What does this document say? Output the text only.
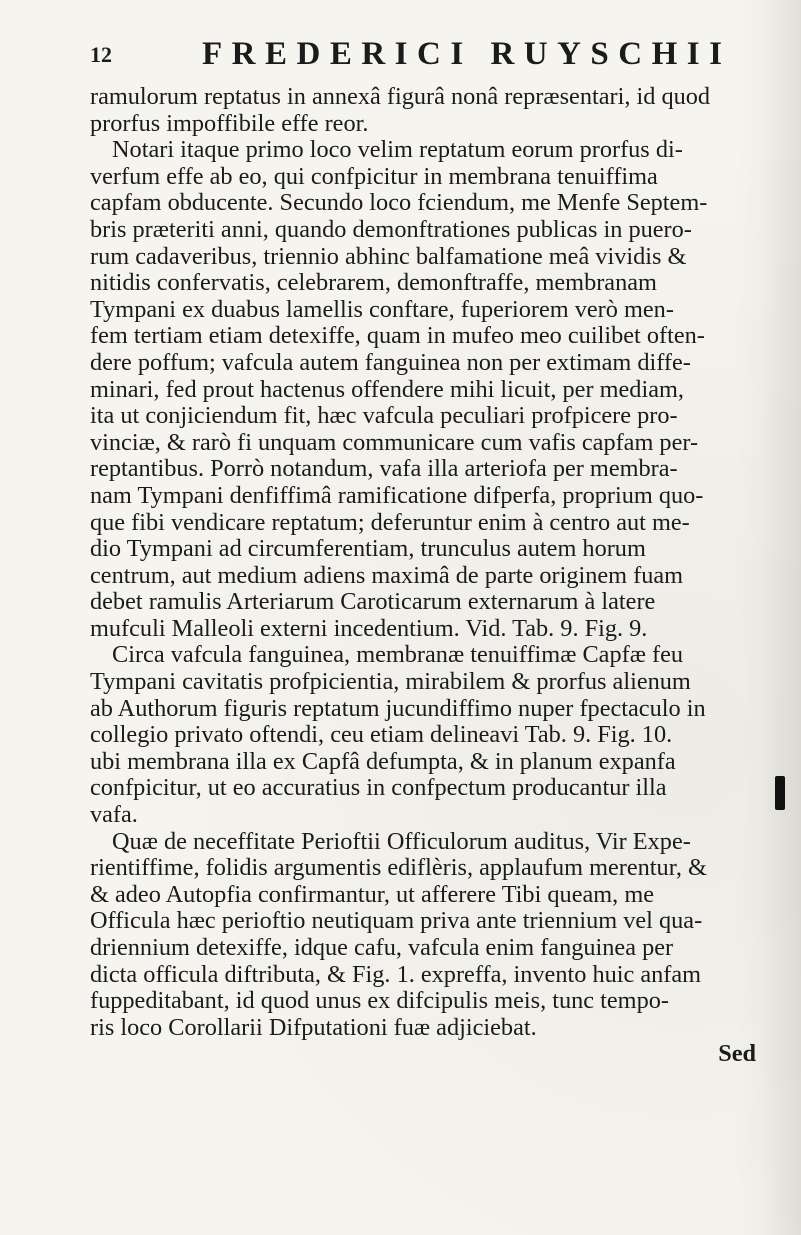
12	FREDERICI RUYSCHII
ramulorum reptatus in annexâ figurâ nonâ repræsentari, id quod
prorfus impoffibile effe reor.
Notari itaque primo loco velim reptatum eorum prorfus di-
verfum effe ab eo, qui confpicitur in membrana tenuiffima
capfam obducente. Secundo loco fciendum, me Menfe Septem-
bris præteriti anni, quando demonftrationes publicas in puero-
rum cadaveribus, triennio abhinc balfamatione meâ vividis &
nitidis confervatis, celebrarem, demonftraffe, membranam
Tympani ex duabus lamellis conftare, fuperiorem verò men-
fem tertiam etiam detexiffe, quam in mufeo meo cuilibet often-
dere poffum; vafcula autem fanguinea non per extimam diffe-
minari, fed prout hactenus offendere mihi licuit, per mediam,
ita ut conjiciendum fit, hæc vafcula peculiari profpicere pro-
vinciæ, & rarò fi unquam communicare cum vafis capfam per-
reptantibus. Porrò notandum, vafa illa arteriofa per membra-
nam Tympani denfiffimâ ramificatione difperfa, proprium quo-
que fibi vendicare reptatum; deferuntur enim à centro aut me-
dio Tympani ad circumferentiam, trunculus autem horum
centrum, aut medium adiens maximâ de parte originem fuam
debet ramulis Arteriarum Caroticarum externarum à latere
mufculi Malleoli externi incedentium. Vid. Tab. 9. Fig. 9.
Circa vafcula fanguinea, membranæ tenuiffimæ Capfæ feu
Tympani cavitatis profpicientia, mirabilem & prorfus alienum
ab Authorum figuris reptatum jucundiffimo nuper fpectaculo in
collegio privato oftendi, ceu etiam delineavi Tab. 9. Fig. 10.
ubi membrana illa ex Capfâ defumpta, & in planum expanfa
confpicitur, ut eo accuratius in confpectum producantur illa
vafa.
Quæ de neceffitate Perioftii Officulorum auditus, Vir Expe-
rientiffime, folidis argumentis ediflèris, applaufum merentur, &
& adeo Autopfia confirmantur, ut afferere Tibi queam, me
Officula hæc perioftio neutiquam priva ante triennium vel qua-
driennium detexiffe, idque cafu, vafcula enim fanguinea per
dicta officula diftributa, & Fig. 1. expreffa, invento huic anfam
fuppeditabant, id quod unus ex difcipulis meis, tunc tempo-
ris loco Corollarii Difputationi fuæ adjiciebat.
Sed
